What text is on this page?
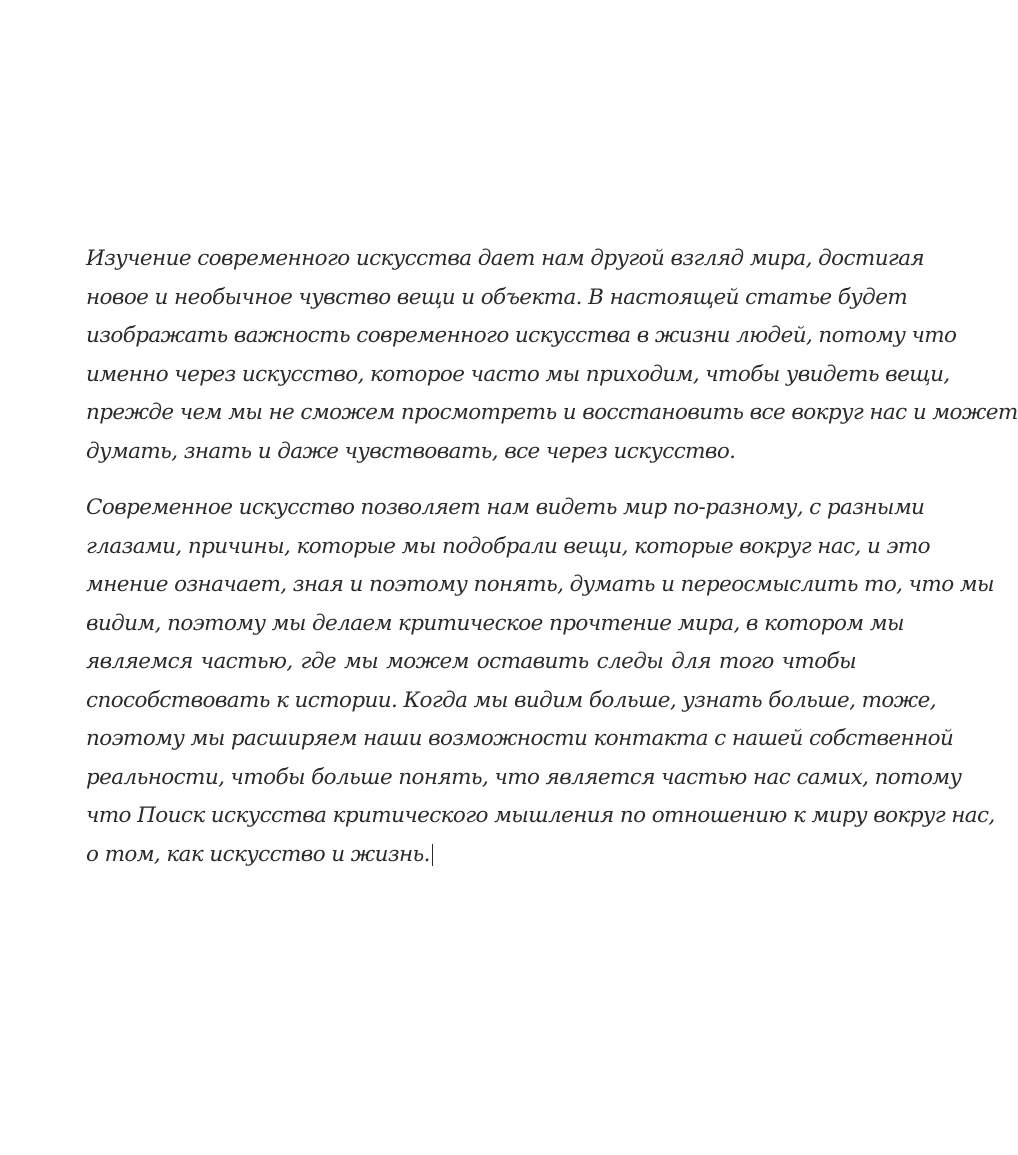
Изучение современного искусства дает нам другой взгляд мира, достигая
новое и необычное чувство вещи и объекта. В настоящей статье будет
изображать важность современного искусства в жизни людей, потому что
именно через искусство, которое часто мы приходим, чтобы увидеть вещи,
прежде чем мы не сможем просмотреть и восстановить все вокруг нас и может
думать, знать и даже чувствовать, все через искусство.
Современное искусство позволяет нам видеть мир по-разному, с разными
глазами, причины, которые мы подобрали вещи, которые вокруг нас, и это
мнение означает, зная и поэтому понять, думать и переосмыслить то, что мы
видим, поэтому мы делаем критическое прочтение мира, в котором мы
являемся частью, где мы можем оставить следы для того чтобы
способствовать к истории. Когда мы видим больше, узнать больше, тоже,
поэтому мы расширяем наши возможности контакта с нашей собственной
реальности, чтобы больше понять, что является частью нас самих, потому
что Поиск искусства критического мышления по отношению к миру вокруг нас,
о том, как искусство и жизнь.
